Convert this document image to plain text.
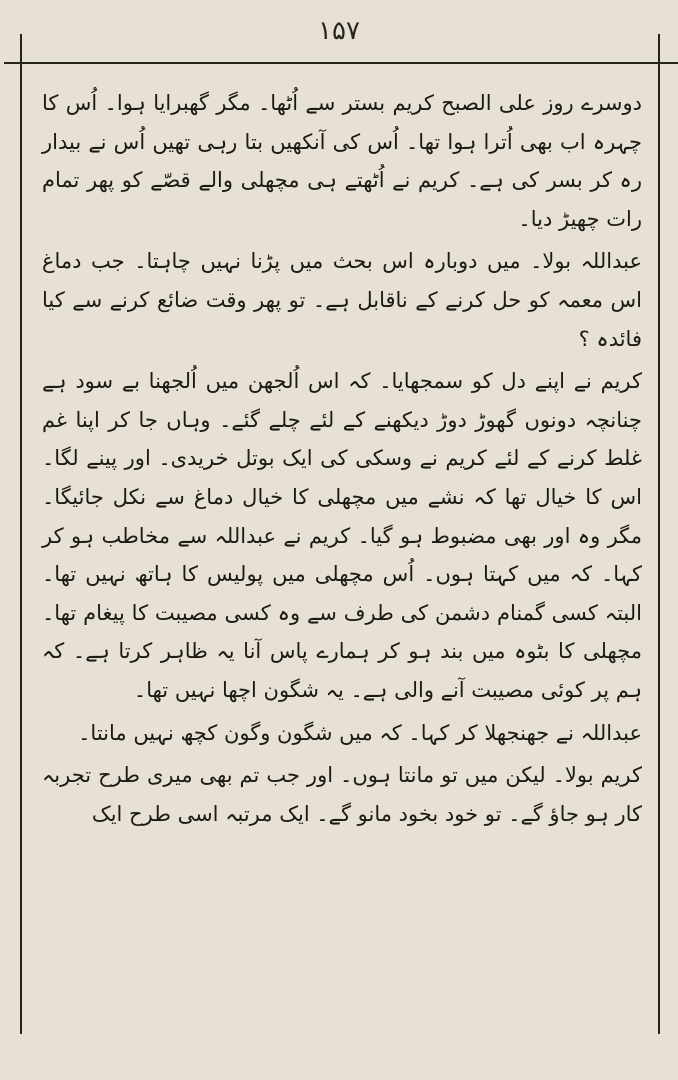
۱۵۷

دوسرے روز علی الصبح کریم بستر سے اُٹھا۔ مگر گھبرایا ہوا۔ اُس کا چہرہ اب بھی اُترا ہوا تھا۔ اُس کی آنکھیں بتا رہی تھیں اُس نے بیدار رہ کر بسر کی ہے۔ کریم نے اُٹھتے ہی مچھلی والے قصّے کو پھر تمام رات چھیڑ دیا۔

عبداللہ بولا۔ میں دوبارہ اس بحث میں پڑنا نہیں چاہتا۔ جب دماغ اس معمہ کو حل کرنے کے ناقابل ہے۔ تو پھر وقت ضائع کرنے سے کیا فائدہ ؟

کریم نے اپنے دل کو سمجھایا۔ کہ اس اُلجھن میں اُلجھنا بے سود ہے چنانچہ دونوں گھوڑ دوڑ دیکھنے کے لئے چلے گئے۔ وہاں جا کر اپنا غم غلط کرنے کے لئے کریم نے وسکی کی ایک بوتل خریدی۔ اور پینے لگا۔ اس کا خیال تھا کہ نشے میں مچھلی کا خیال دماغ سے نکل جائیگا۔ مگر وہ اور بھی مضبوط ہو گیا۔ کریم نے عبداللہ سے مخاطب ہو کر کہا۔ کہ میں کہتا ہوں۔ اُس مچھلی میں پولیس کا ہاتھ نہیں تھا۔ البتہ کسی گمنام دشمن کی طرف سے وہ کسی مصیبت کا پیغام تھا۔ مچھلی کا بٹوہ میں بند ہو کر ہمارے پاس آنا یہ ظاہر کرتا ہے۔ کہ ہم پر کوئی مصیبت آنے والی ہے۔ یہ شگون اچھا نہیں تھا۔

عبداللہ نے جھنجھلا کر کہا۔ کہ میں شگون وگون کچھ نہیں مانتا۔

کریم بولا۔ لیکن میں تو مانتا ہوں۔ اور جب تم بھی میری طرح تجربہ کار ہو جاؤ گے۔ تو خود بخود مانو گے۔ ایک مرتبہ اسی طرح ایک
